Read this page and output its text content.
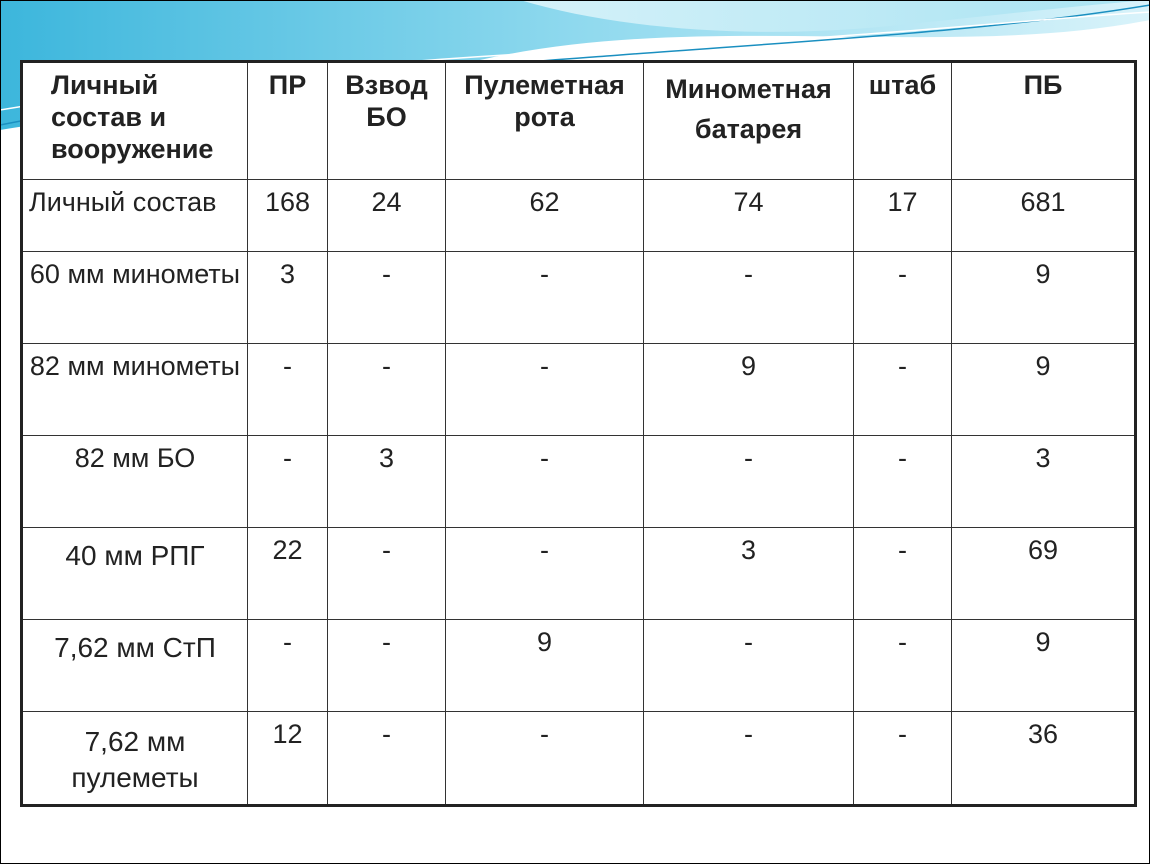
Личный состав и вооружение	ПР	Взвод БО	Пулеметная рота	Минометная батарея	штаб	ПБ
Личный состав	168	24	62	74	17	681
60 мм минометы	3	-	-	-	-	9
82 мм минометы	-	-	-	9	-	9
82 мм БО	-	3	-	-	-	3
40 мм РПГ	22	-	-	3	-	69
7,62 мм СтП	-	-	9	-	-	9
7,62 мм пулеметы	12	-	-	-	-	36
